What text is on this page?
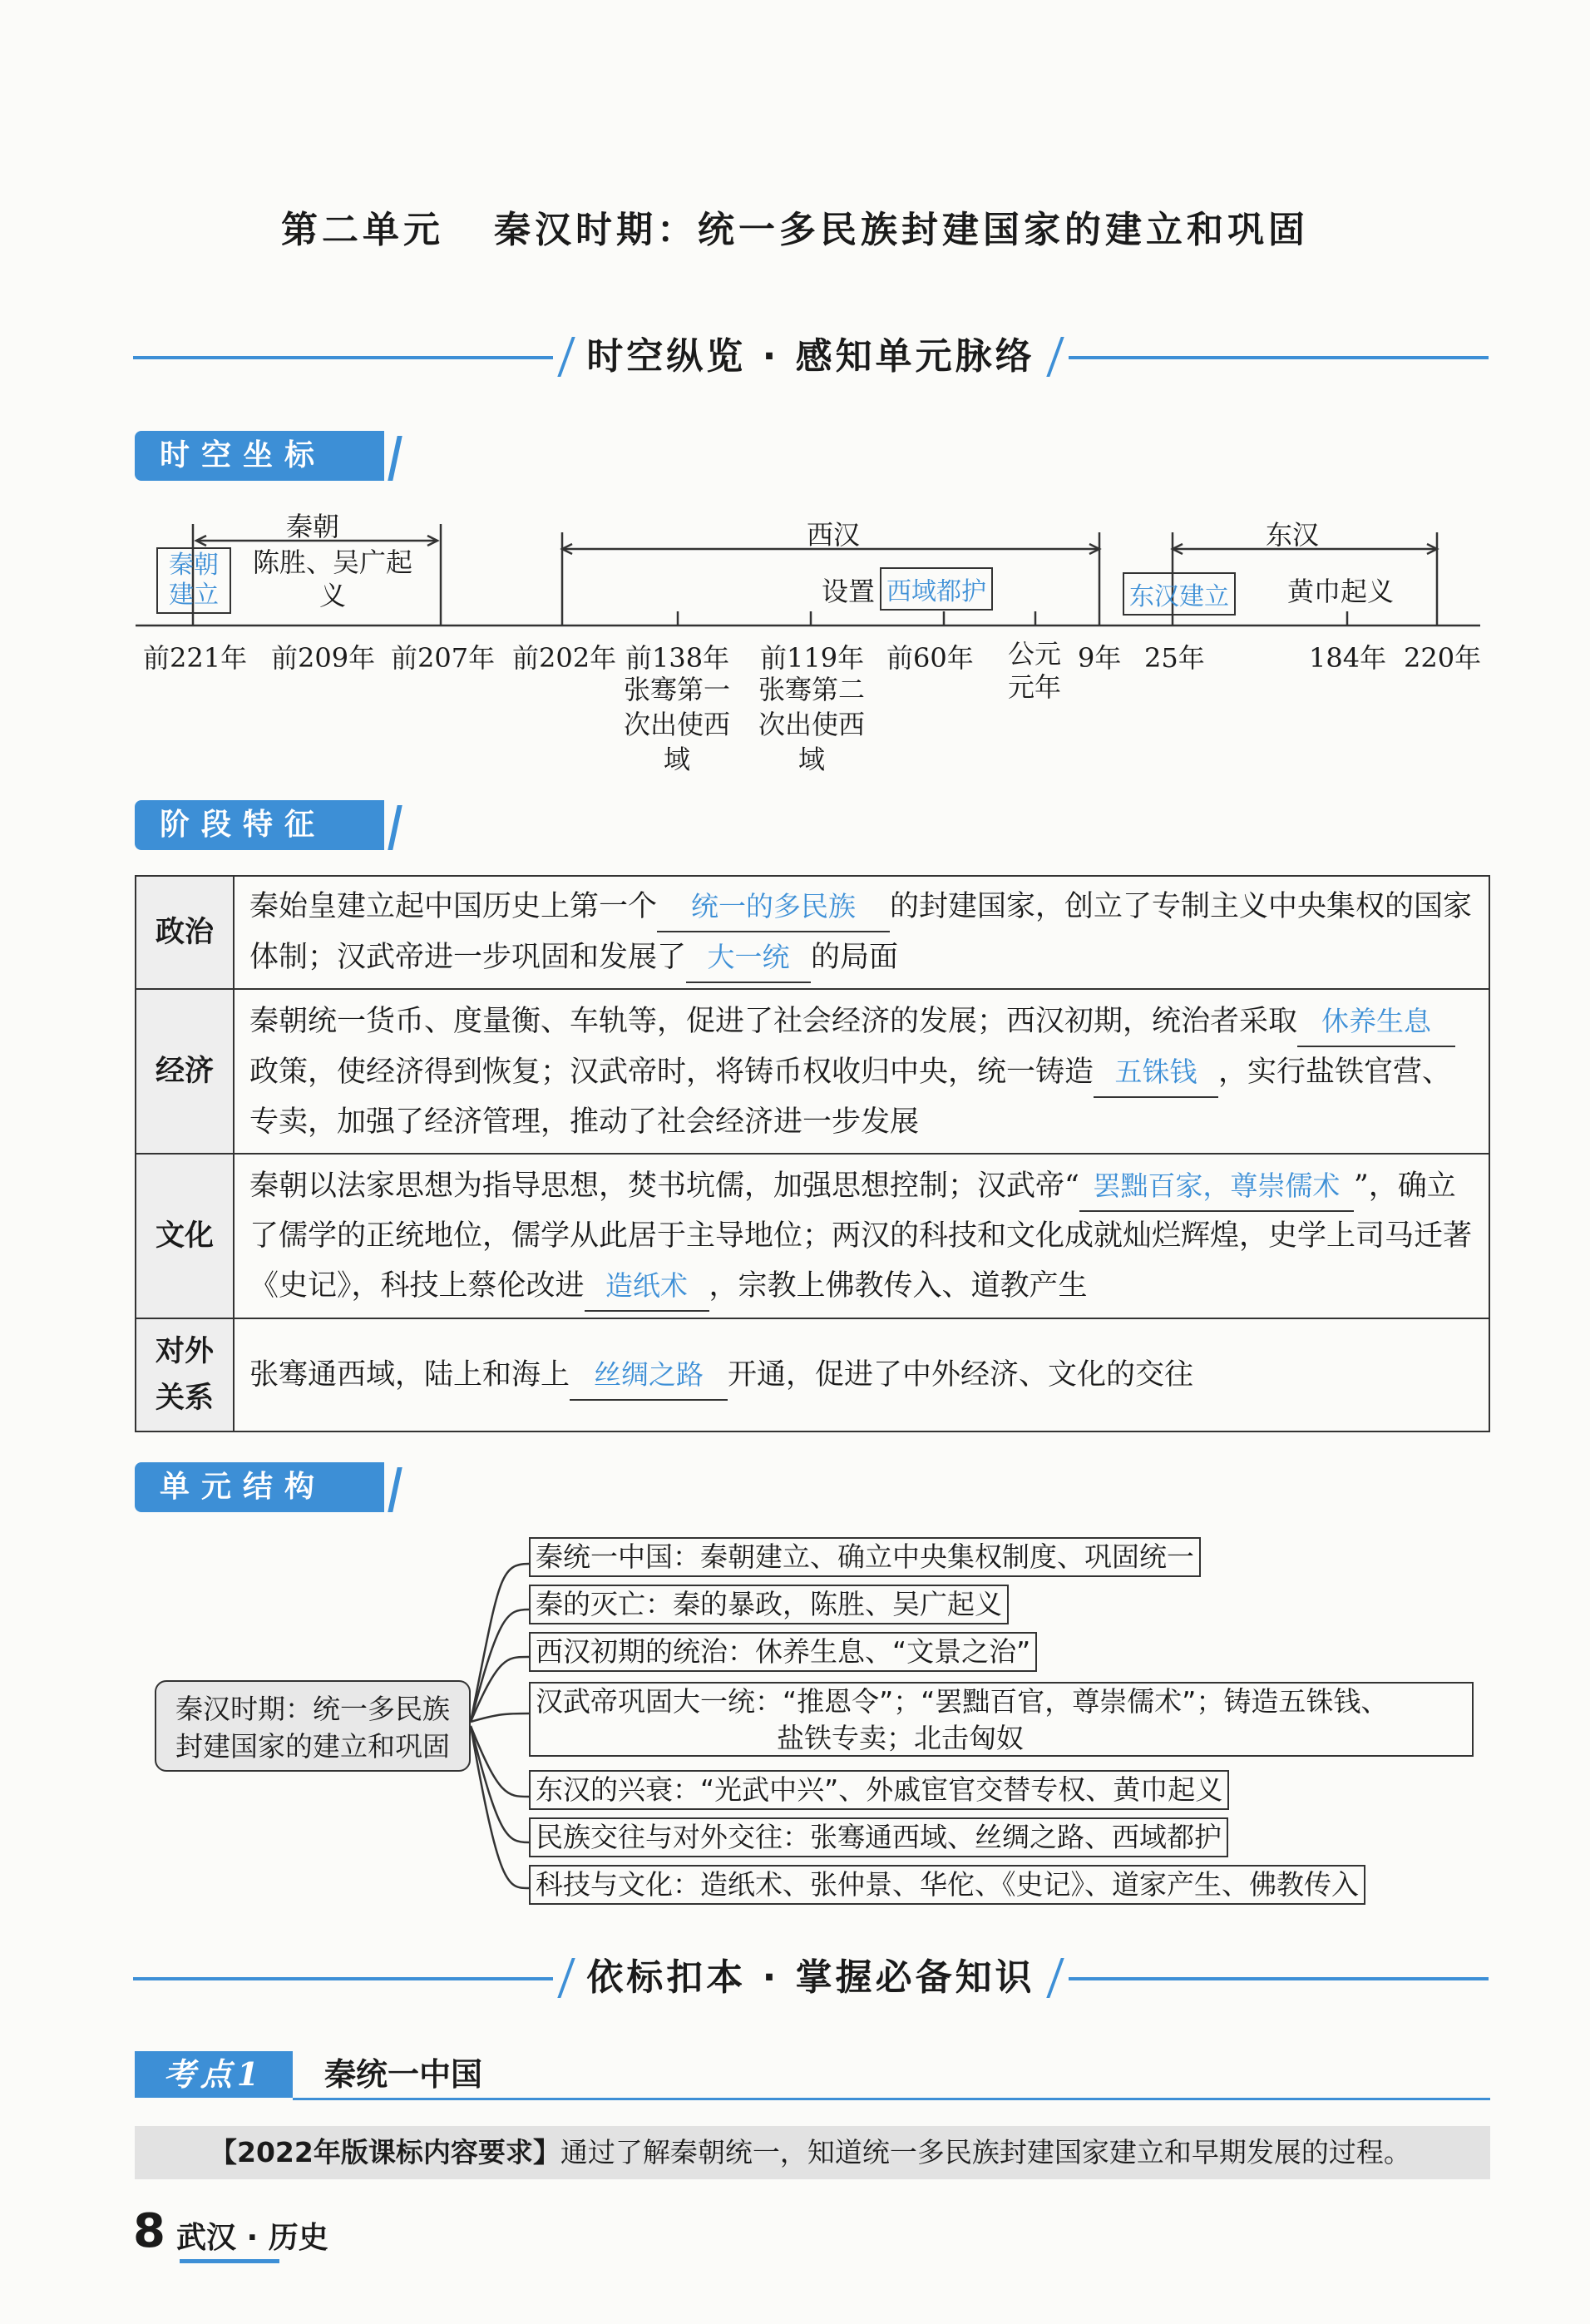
第二单元 秦汉时期：统一多民族封建国家的建立和巩固
时空纵览 · 感知单元脉络
时空坐标
秦朝	西汉	东汉
秦朝建立
陈胜、吴广起义	设置 西域都护	东汉建立 黄巾起义
前221年 前209年 前207年 前202年 前138年 前119年 前60年 公元元年
9年 25年	184年 220年
张骞第一次出使西域
张骞第二次出使西域
阶段特征
政治	秦始皇建立起中国历史上第一个 统一的多民族 的封建国家，创立了专制主义中央集权的国家体制；汉武帝进一步巩固和发展了 大一统 的局面
经济	秦朝统一货币、度量衡、车轨等，促进了社会经济的发展；西汉初期，统治者采取 休养生息政策，使经济得到恢复；汉武帝时，将铸币权收归中央，统一铸造 五铢钱 ，实行盐铁官营、专卖，加强了经济管理，推动了社会经济进一步发展
文化	秦朝以法家思想为指导思想，焚书坑儒，加强思想控制；汉武帝“ 罢黜百家，尊崇儒术 ”，确立了儒学的正统地位，儒学从此居于主导地位；两汉的科技和文化成就灿烂辉煌，史学上司马迁著《史记》，科技上蔡伦改进 造纸术 ，宗教上佛教传入、道教产生
对外关系	张骞通西域，陆上和海上 丝绸之路 开通，促进了中外经济、文化的交往
单元结构
秦汉时期：统一多民族
封建国家的建立和巩固
秦统一中国：秦朝建立、确立中央集权制度、巩固统一
秦的灭亡：秦的暴政，陈胜、吴广起义
西汉初期的统治：休养生息、“文景之治”
汉武帝巩固大一统：“推恩令”；“罢黜百官，尊崇儒术”；铸造五铢钱、
盐铁专卖；北击匈奴
东汉的兴衰：“光武中兴”、外戚宦官交替专权、黄巾起义
民族交往与对外交往：张骞通西域、丝绸之路、西域都护
科技与文化：造纸术、张仲景、华佗、《史记》、道家产生、佛教传入
依标扣本 · 掌握必备知识
考点1	秦统一中国
【2022年版课标内容要求】通过了解秦朝统一，知道统一多民族封建国家建立和早期发展的过程。
8 武汉 · 历史
